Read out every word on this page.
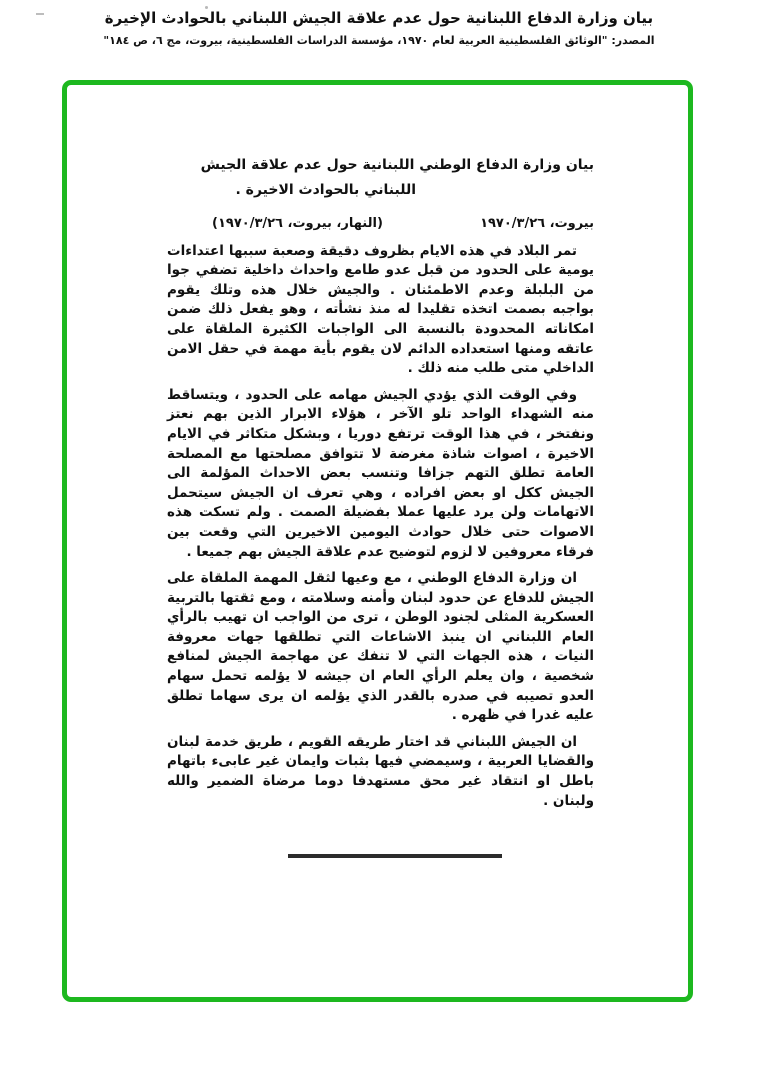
بيان وزارة الدفاع اللبنانية حول عدم علاقة الجيش اللبناني بالحوادث الإخيرة
المصدر: "الوثائق الفلسطينية العربية لعام ١٩٧٠، مؤسسة الدراسات الفلسطينية، بيروت، مج ٦، ص ١٨٤"
بيان وزارة الدفاع الوطني اللبنانية حول عدم علاقة الجيش
اللبناني بالحوادث الاخيرة .
بيروت، ١٩٧٠/٣/٢٦
(النهار، بيروت، ١٩٧٠/٣/٢٦)

تمر البلاد في هذه الايام بظروف دقيقة وصعبة سببها اعتداءات يومية على الحدود من قبل عدو طامع واحداث داخلية تضفي جوا من البلبلة وعدم الاطمئنان . والجيش خلال هذه وتلك يقوم بواجبه بصمت اتخذه تقليدا له منذ نشأته ، وهو يفعل ذلك ضمن امكاناته المحدودة بالنسبة الى الواجبات الكثيرة الملقاة على عاتقه ومنها استعداده الدائم لان يقوم بأية مهمة في حقل الامن الداخلي متى طلب منه ذلك .

وفي الوقت الذي يؤدي الجيش مهامه على الحدود ، ويتساقط منه الشهداء الواحد تلو الآخر ، هؤلاء الابرار الذين بهم نعتز ونفتخر ، في هذا الوقت ترتفع دوريا ، وبشكل متكاثر في الايام الاخيرة ، اصوات شاذة مغرضة لا تتوافق مصلحتها مع المصلحة العامة تطلق التهم جزافا وتنسب بعض الاحداث المؤلمة الى الجيش ككل او بعض افراده ، وهي تعرف ان الجيش سيتحمل الاتهامات ولن يرد عليها عملا بفضيلة الصمت . ولم تسكت هذه الاصوات حتى خلال حوادث اليومين الاخيرين التي وقعت بين فرقاء معروفين لا لزوم لتوضيح عدم علاقة الجيش بهم جميعا .

ان وزارة الدفاع الوطني ، مع وعيها لثقل المهمة الملقاة على الجيش للدفاع عن حدود لبنان وأمنه وسلامته ، ومع ثقتها بالتربية العسكرية المثلى لجنود الوطن ، ترى من الواجب ان تهيب بالرأي العام اللبناني ان ينبذ الاشاعات التي تطلقها جهات معروفة النيات ، هذه الجهات التي لا تنفك عن مهاجمة الجيش لمنافع شخصية ، وان يعلم الرأي العام ان جيشه لا يؤلمه تحمل سهام العدو تصيبه في صدره بالقدر الذي يؤلمه ان يرى سهاما تطلق عليه غدرا في ظهره .

ان الجيش اللبناني قد اختار طريقه القويم ، طريق خدمة لبنان والقضايا العربية ، وسيمضي فيها بثبات وايمان غير عابىء باتهام باطل او انتقاد غير محق مستهدفا دوما مرضاة الضمير والله ولبنان .
